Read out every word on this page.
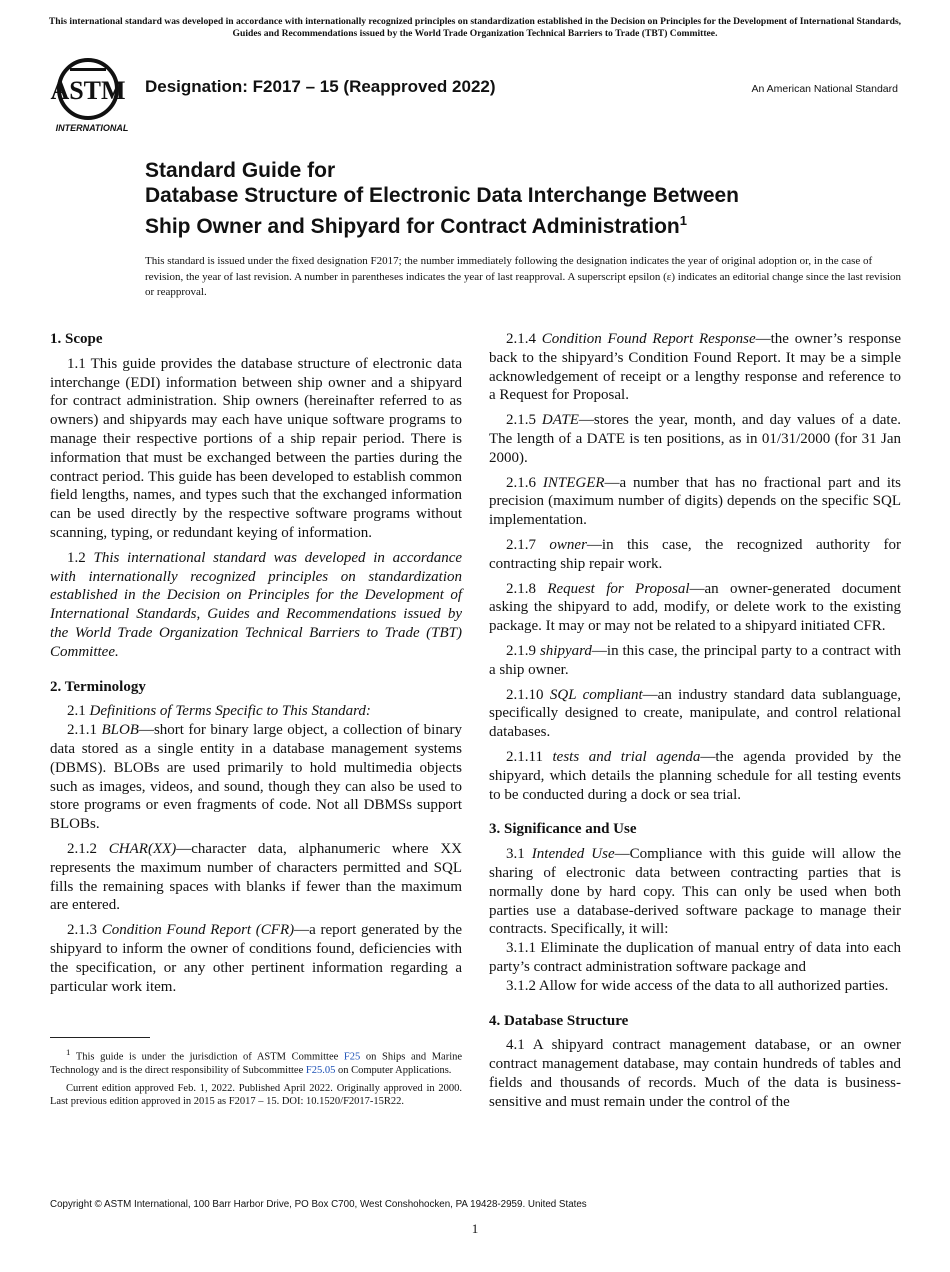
This international standard was developed in accordance with internationally recognized principles on standardization established in the Decision on Principles for the Development of International Standards, Guides and Recommendations issued by the World Trade Organization Technical Barriers to Trade (TBT) Committee.
ASTM
INTERNATIONAL
Designation: F2017 – 15 (Reapproved 2022)	An American National Standard
Standard Guide for
Database Structure of Electronic Data Interchange Between
Ship Owner and Shipyard for Contract Administration$^1$
This standard is issued under the fixed designation F2017; the number immediately following the designation indicates the year of original adoption or, in the case of revision, the year of last revision. A number in parentheses indicates the year of last reapproval. A superscript epsilon (ε) indicates an editorial change since the last revision or reapproval.
1. Scope

1.1 This guide provides the database structure of electronic data interchange (EDI) information between ship owner and a shipyard for contract administration. Ship owners (hereinafter referred to as owners) and shipyards may each have unique software programs to manage their respective portions of a ship repair period. There is information that must be exchanged between the parties during the contract period. This guide has been developed to establish common field lengths, names, and types such that the exchanged information can be used directly by the respective software programs without scanning, typing, or redundant keying of information.

1.2 This international standard was developed in accordance with internationally recognized principles on standardization established in the Decision on Principles for the Development of International Standards, Guides and Recommendations issued by the World Trade Organization Technical Barriers to Trade (TBT) Committee.

2. Terminology

2.1 Definitions of Terms Specific to This Standard:

2.1.1 BLOB—short for binary large object, a collection of binary data stored as a single entity in a database management systems (DBMS). BLOBs are used primarily to hold multimedia objects such as images, videos, and sound, though they can also be used to store programs or even fragments of code. Not all DBMSs support BLOBs.

2.1.2 CHAR(XX)—character data, alphanumeric where XX represents the maximum number of characters permitted and SQL fills the remaining spaces with blanks if fewer than the maximum are entered.

2.1.3 Condition Found Report (CFR)—a report generated by the shipyard to inform the owner of conditions found, deficiencies with the specification, or any other pertinent information regarding a particular work item.

$^1$ This guide is under the jurisdiction of ASTM Committee F25 on Ships and Marine Technology and is the direct responsibility of Subcommittee F25.05 on Computer Applications.

Current edition approved Feb. 1, 2022. Published April 2022. Originally approved in 2000. Last previous edition approved in 2015 as F2017 – 15. DOI: 10.1520/F2017-15R22.

2.1.4 Condition Found Report Response—the owner’s response back to the shipyard’s Condition Found Report. It may be a simple acknowledgement of receipt or a lengthy response and reference to a Request for Proposal.

2.1.5 DATE—stores the year, month, and day values of a date. The length of a DATE is ten positions, as in 01/31/2000 (for 31 Jan 2000).

2.1.6 INTEGER—a number that has no fractional part and its precision (maximum number of digits) depends on the specific SQL implementation.

2.1.7 owner—in this case, the recognized authority for contracting ship repair work.

2.1.8 Request for Proposal—an owner-generated document asking the shipyard to add, modify, or delete work to the existing package. It may or may not be related to a shipyard initiated CFR.

2.1.9 shipyard—in this case, the principal party to a contract with a ship owner.

2.1.10 SQL compliant—an industry standard data sublanguage, specifically designed to create, manipulate, and control relational databases.

2.1.11 tests and trial agenda—the agenda provided by the shipyard, which details the planning schedule for all testing events to be conducted during a dock or sea trial.

3. Significance and Use

3.1 Intended Use—Compliance with this guide will allow the sharing of electronic data between contracting parties that is normally done by hard copy. This can only be used when both parties use a database-derived software package to manage their contracts. Specifically, it will:

3.1.1 Eliminate the duplication of manual entry of data into each party’s contract administration software package and

3.1.2 Allow for wide access of the data to all authorized parties.

4. Database Structure

4.1 A shipyard contract management database, or an owner contract management database, may contain hundreds of tables and fields and thousands of records. Much of the data is business-sensitive and must remain under the control of the

Copyright © ASTM International, 100 Barr Harbor Drive, PO Box C700, West Conshohocken, PA 19428-2959. United States
1
